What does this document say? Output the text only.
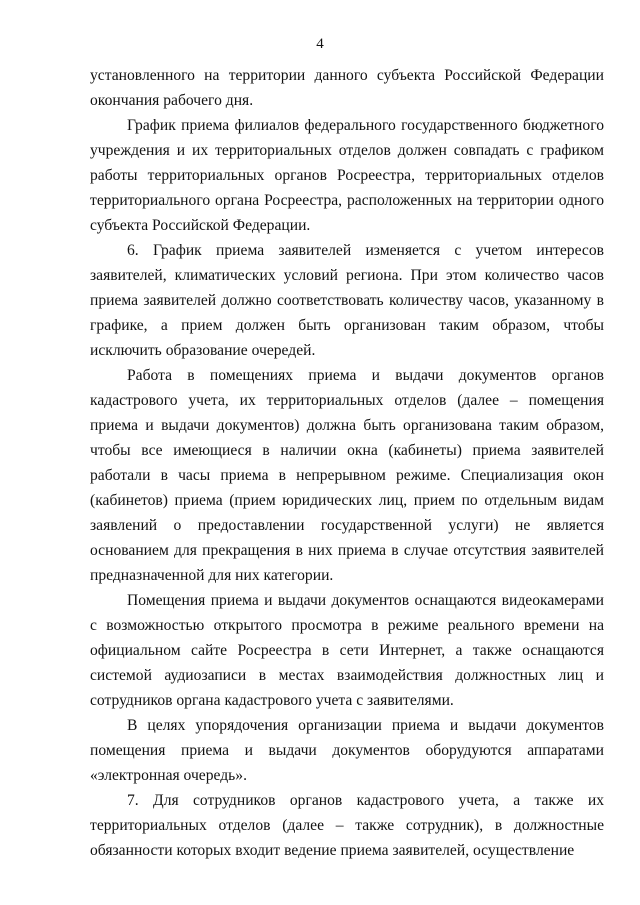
4

установленного на территории данного субъекта Российской Федерации окончания рабочего дня.

График приема филиалов федерального государственного бюджетного учреждения и их территориальных отделов должен совпадать с графиком работы территориальных органов Росреестра, территориальных отделов территориального органа Росреестра, расположенных на территории одного субъекта Российской Федерации.

6. График приема заявителей изменяется с учетом интересов заявителей, климатических условий региона. При этом количество часов приема заявителей должно соответствовать количеству часов, указанному в графике, а прием должен быть организован таким образом, чтобы исключить образование очередей.

Работа в помещениях приема и выдачи документов органов кадастрового учета, их территориальных отделов (далее – помещения приема и выдачи документов) должна быть организована таким образом, чтобы все имеющиеся в наличии окна (кабинеты) приема заявителей работали в часы приема в непрерывном режиме. Специализация окон (кабинетов) приема (прием юридических лиц, прием по отдельным видам заявлений о предоставлении государственной услуги) не является основанием для прекращения в них приема в случае отсутствия заявителей предназначенной для них категории.

Помещения приема и выдачи документов оснащаются видеокамерами с возможностью открытого просмотра в режиме реального времени на официальном сайте Росреестра в сети Интернет, а также оснащаются системой аудиозаписи в местах взаимодействия должностных лиц и сотрудников органа кадастрового учета с заявителями.

В целях упорядочения организации приема и выдачи документов помещения приема и выдачи документов оборудуются аппаратами «электронная очередь».

7. Для сотрудников органов кадастрового учета, а также их территориальных отделов (далее – также сотрудник), в должностные обязанности которых входит ведение приема заявителей, осуществление
